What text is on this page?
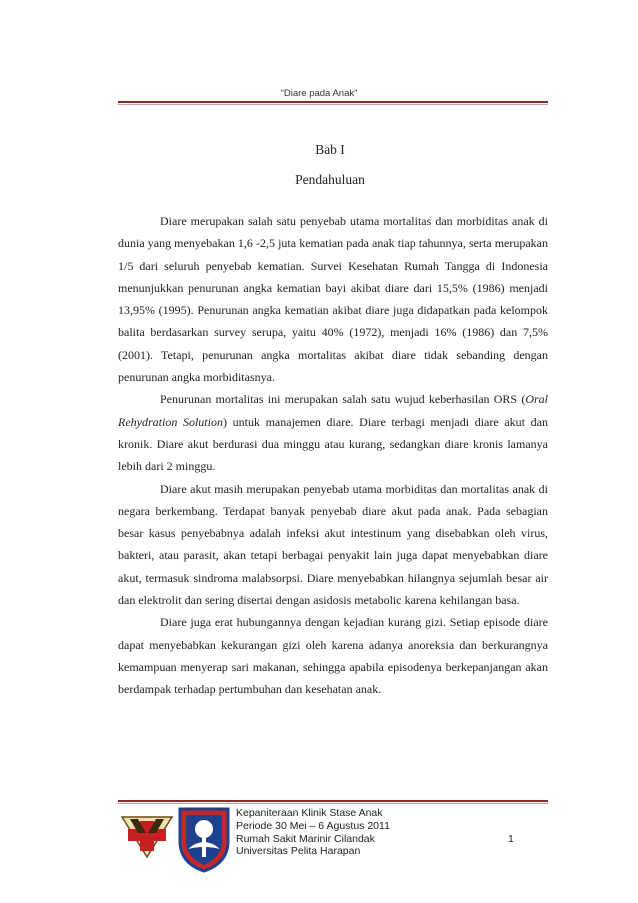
“Diare pada Anak”
Bab I
Pendahuluan

Diare merupakan salah satu penyebab utama mortalitas dan morbiditas anak di dunia yang menyebakan 1,6 -2,5 juta kematian pada anak tiap tahunnya, serta merupakan 1/5 dari seluruh penyebab kematian. Survei Kesehatan Rumah Tangga di Indonesia menunjukkan penurunan angka kematian bayi akibat diare dari 15,5% (1986) menjadi 13,95% (1995). Penurunan angka kematian akibat diare juga didapatkan pada kelompok balita berdasarkan survey serupa, yaitu 40% (1972), menjadi 16% (1986) dan 7,5% (2001). Tetapi, penurunan angka mortalitas akibat diare tidak sebanding dengan penurunan angka morbiditasnya.

Penurunan mortalitas ini merupakan salah satu wujud keberhasilan ORS (Oral Rehydration Solution) untuk manajemen diare. Diare terbagi menjadi diare akut dan kronik. Diare akut berdurasi dua minggu atau kurang, sedangkan diare kronis lamanya lebih dari 2 minggu.

Diare akut masih merupakan penyebab utama morbiditas dan mortalitas anak di negara berkembang. Terdapat banyak penyebab diare akut pada anak. Pada sebagian besar kasus penyebabnya adalah infeksi akut intestinum yang disebabkan oleh virus, bakteri, atau parasit, akan tetapi berbagai penyakit lain juga dapat menyebabkan diare akut, termasuk sindroma malabsorpsi. Diare menyebabkan hilangnya sejumlah besar air dan elektrolit dan sering disertai dengan asidosis metabolic karena kehilangan basa.

Diare juga erat hubungannya dengan kejadian kurang gizi. Setiap episode diare dapat menyebabkan kekurangan gizi oleh karena adanya anoreksia dan berkurangnya kemampuan menyerap sari makanan, sehingga apabila episodenya berkepanjangan akan berdampak terhadap pertumbuhan dan kesehatan anak.

Kepaniteraan Klinik Stase Anak
Periode 30 Mei – 6 Agustus 2011
Rumah Sakit Marinir Cilandak
Universitas Pelita Harapan
1
